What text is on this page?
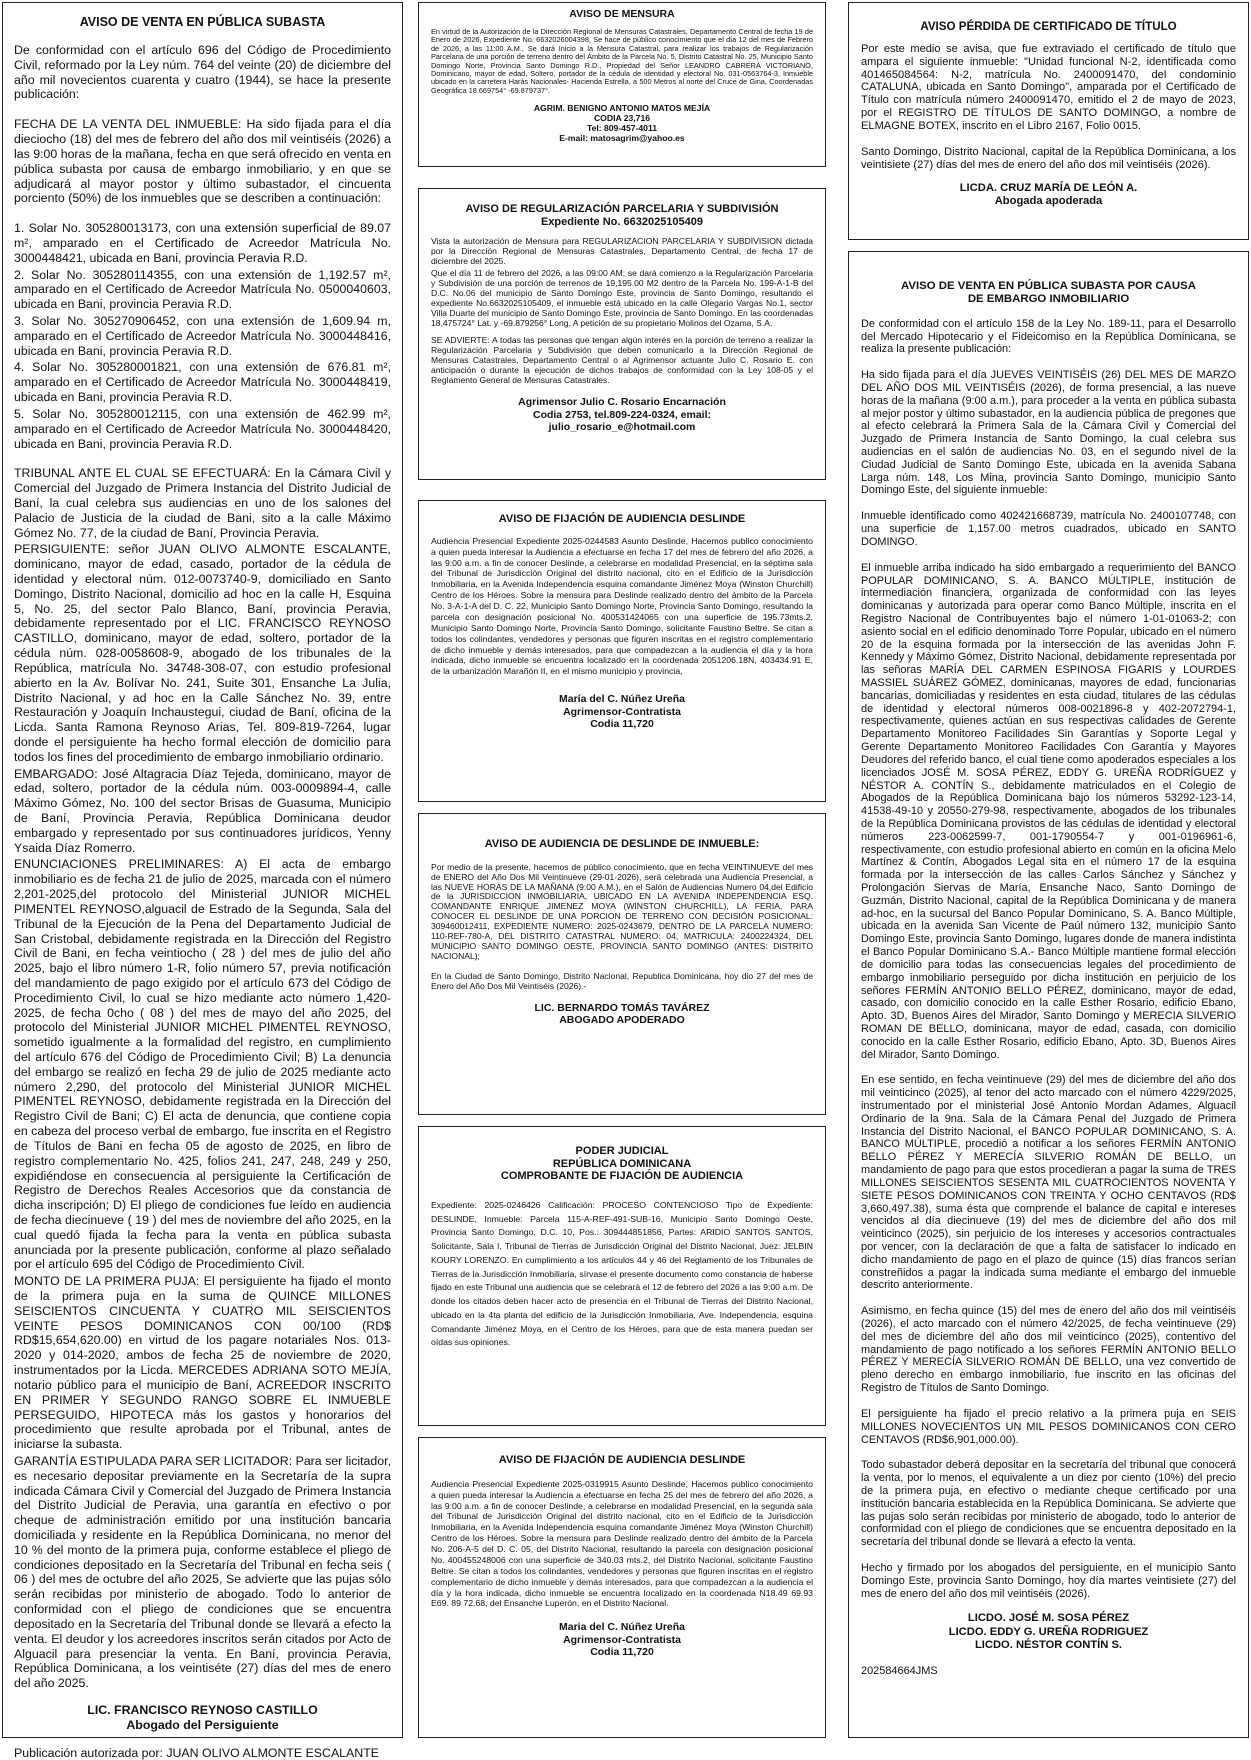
AVISO DE VENTA EN PÚBLICA SUBASTA

De conformidad con el artículo 696 del Código de Procedimiento Civil, reformado por la Ley núm. 764 del veinte (20) de diciembre del año mil novecientos cuarenta y cuatro (1944), se hace la presente publicación:

FECHA DE LA VENTA DEL INMUEBLE: Ha sido fijada para el día dieciocho (18) del mes de febrero del año dos mil veintiséis (2026) a las 9:00 horas de la mañana, fecha en que será ofrecido en venta en pública subasta por causa de embargo inmobiliario, y en que se adjudicará al mayor postor y último subastador, el cincuenta porciento (50%) de los inmuebles que se describen a continuación:

1. Solar No. 305280013173, con una extensión superficial de 89.07 m², amparado en el Certificado de Acreedor Matrícula No. 3000448421, ubicada en Bani, provincia Peravia R.D.

2. Solar No. 305280114355, con una extensión de 1,192.57 m², amparado en el Certificado de Acreedor Matrícula No. 0500040603, ubicada en Bani, provincia Peravia R.D.

3. Solar No. 305270906452, con una extensión de 1,609.94 m, amparado en el Certificado de Acreedor Matrícula No. 3000448416, ubicada en Bani, provincia Peravia R.D.

4. Solar No. 305280001821, con una extensión de 676.81 m², amparado en el Certificado de Acreedor Matrícula No. 3000448419, ubicada en Bani, provincia Peravia R.D.

5. Solar No. 305280012115, con una extensión de 462.99 m², amparado en el Certificado de Acreedor Matrícula No. 3000448420, ubicada en Bani, provincia Peravia R.D.

TRIBUNAL ANTE EL CUAL SE EFECTUARÁ: En la Cámara Civil y Comercial del Juzgado de Primera Instancia del Distrito Judicial de Baní, la cual celebra sus audiencias en uno de los salones del Palacio de Justicia de la ciudad de Bani, sito a la calle Máximo Gómez No. 77, de la ciudad de Baní, Provincia Peravia.

PERSIGUIENTE: señor JUAN OLIVO ALMONTE ESCALANTE, dominicano, mayor de edad, casado, portador de la cédula de identidad y electoral núm. 012-0073740-9, domiciliado en Santo Domingo, Distrito Nacional, domicilio ad hoc en la calle H, Esquina 5, No. 25, del sector Palo Blanco, Baní, provincia Peravia, debidamente representado por el LIC. FRANCISCO REYNOSO CASTILLO, dominicano, mayor de edad, soltero, portador de la cédula núm. 028-0058608-9, abogado de los tribunales de la República, matrícula No. 34748-308-07, con estudio profesional abierto en la Av. Bolívar No. 241, Suite 301, Ensanche La Julia, Distrito Nacional, y ad hoc en la Calle Sánchez No. 39, entre Restauración y Joaquín Inchaustegui, ciudad de Baní, oficina de la Licda. Santa Ramona Reynoso Arias, Tel. 809-819-7264, lugar donde el persiguiente ha hecho formal elección de domicilio para todos los fines del procedimiento de embargo inmobiliario ordinario.

EMBARGADO: José Altagracia Díaz Tejeda, dominicano, mayor de edad, soltero, portador de la cédula núm. 003-0009894-4, calle Máximo Gómez, No. 100 del sector Brisas de Guasuma, Municipio de Baní, Provincia Peravia, República Dominicana deudor embargado y representado por sus continuadores jurídicos, Yenny Ysaida Díaz Romerro.

ENUNCIACIONES PRELIMINARES: A) El acta de embargo inmobiliario es de fecha 21 de julio de 2025, marcada con el número 2,201-2025,del protocolo del Ministerial JUNIOR MICHEL PIMENTEL REYNOSO,alguacil de Estrado de la Segunda, Sala del Tribunal de la Ejecución de la Pena del Departamento Judicial de San Cristobal, debidamente registrada en la Dirección del Registro Civil de Bani, en fecha veintiocho ( 28 ) del mes de julio del año 2025, bajo el libro número 1-R, folio número 57, previa notificación del mandamiento de pago exigido por el artículo 673 del Código de Procedimiento Civil, lo cual se hizo mediante acto número 1,420-2025, de fecha 0cho ( 08 ) del mes de mayo del año 2025, del protocolo del Ministerial JUNIOR MICHEL PIMENTEL REYNOSO, sometido igualmente a la formalidad del registro, en cumplimiento del artículo 676 del Código de Procedimiento Civil; B) La denuncia del embargo se realizó en fecha 29 de julio de 2025 mediante acto número 2,290, del protocolo del Ministerial JUNIOR MICHEL PIMENTEL REYNOSO, debidamente registrada en la Dirección del Registro Civil de Bani; C) El acta de denuncia, que contiene copia en cabeza del proceso verbal de embargo, fue inscrita en el Registro de Títulos de Bani en fecha 05 de agosto de 2025, en libro de registro complementario No. 425, folios 241, 247, 248, 249 y 250, expidiéndose en consecuencia al persiguiente la Certificación de Registro de Derechos Reales Accesorios que da constancia de dicha inscripción; D) El pliego de condiciones fue leído en audiencia de fecha diecinueve ( 19 ) del mes de noviembre del año 2025, en la cual quedó fijada la fecha para la venta en pública subasta anunciada por la presente publicación, conforme al plazo señalado por el artículo 695 del Código de Procedimiento Civil.

MONTO DE LA PRIMERA PUJA: El persiguiente ha fijado el monto de la primera puja en la suma de QUINCE MILLONES SEISCIENTOS CINCUENTA Y CUATRO MIL SEISCIENTOS VEINTE PESOS DOMINICANOS CON 00/100 (RD$ RD$15,654,620.00) en virtud de los pagare notariales Nos. 013-2020 y 014-2020, ambos de fecha 25 de noviembre de 2020, instrumentados por la Licda. MERCEDES ADRIANA SOTO MEJÍA, notario público para el municipio de Baní, ACREEDOR INSCRITO EN PRIMER Y SEGUNDO RANGO SOBRE EL INMUEBLE PERSEGUIDO, HIPOTECA más los gastos y honorarios del procedimiento que resulte aprobada por el Tribunal, antes de iniciarse la subasta.

GARANTÍA ESTIPULADA PARA SER LICITADOR: Para ser licitador, es necesario depositar previamente en la Secretaría de la supra indicada Cámara Civil y Comercial del Juzgado de Primera Instancia del Distrito Judicial de Peravia, una garantía en efectivo o por cheque de administración emitido por una institución bancaria domiciliada y residente en la República Dominicana, no menor del 10 % del monto de la primera puja, conforme establece el pliego de condiciones depositado en la Secretaría del Tribunal en fecha seis ( 06 ) del mes de octubre del año 2025, Se advierte que las pujas sólo serán recibidas por ministerio de abogado. Todo lo anterior de conformidad con el pliego de condiciones que se encuentra depositado en la Secretaría del Tribunal donde se llevará a efecto la venta. El deudor y los acreedores inscritos serán citados por Acto de Alguacil para presenciar la venta. En Baní, provincia Peravia, República Dominicana, a los veintiséte (27) días del mes de enero del año 2025.

LIC. FRANCISCO REYNOSO CASTILLO
Abogado del Persiguiente
Publicación autorizada por: JUAN OLIVO ALMONTE ESCALANTE
AVISO DE MENSURA

En virtud de la Autorización de la Dirección Regional de Mensuras Catastrales, Departamento Central de fecha 19 de Enero de 2026, Expediente No. 6632026004398, Se hace de público conocimiento que el día 12 del mes de Febrero de 2026, a las 11:00 A.M., Se dará Inicio a la Mensura Catastral, para realizar los trabajos de Regularización Parcelaria de una porción de terreno dentro del Ámbito de la Parcela No. 5, Distrito Catastral No. 25, Municipio Santo Domingo Norte, Provincia Santo Domingo R.D., Propiedad del Señor LEANDRO CABRERA VICTORIANO, Dominicano, mayor de edad, Soltero, portador de la cédula de identidad y electoral No. 031-0563764-3, Inmueble ubicado en la carretera Harás Nacionales- Hacienda Estrella, a 500 Metros al norte del Cruce de Gina, Coordenadas Geográfica 18.669754° -69.879737°.

AGRIM. BENIGNO ANTONIO MATOS MEJÍA
CODIA 23,716
Tel: 809-457-4011
E-mail: matosagrim@yahoo.es
AVISO DE REGULARIZACIÓN PARCELARIA Y SUBDIVISIÓN
Expediente No. 6632025105409

Vista la autorización de Mensura para REGULARIZACION PARCELARIA Y SUBDIVISION dictada por la Dirección Regional de Mensuras Catastrales, Departamento Central, de fecha 17 de diciembre del 2025.

Que el día 11 de febrero del 2026, a las 09:00 AM; se dará comienzo a la Regularización Parcelaria y Subdivisión de una porción de terrenos de 19,195.00 M2 dentro de la Parcela No. 199-A-1-B del D.C. No.06 del municipio de Santo Domingo Este, provincia de Santo Domingo, resultando el expediente No.6632025105409, el inmueble está ubicado en la calle Olegario Vargas No.1, sector Villa Duarte del municipio de Santo Domingo Este, provincia de Santo Domingo. En las coordenadas 18.475724° Lat. y -69.879256° Long. A petición de su propietario Molinos del Ozama, S.A.

SE ADVIERTE: A todas las personas que tengan algún interés en la porción de terreno a realizar la Regularización Parcelaria y Subdivisión que deben comunicarlo a la Dirección Regional de Mensuras Catastrales, Departamento Central o al Agrimensor actuante Julio C. Rosario E. con anticipación o durante la ejecución de dichos trabajos de conformidad con la Ley 108-05 y el Reglamento General de Mensuras Catastrales.

Agrimensor Julio C. Rosario Encarnación
Codia 2753, tel.809-224-0324, email:
julio_rosario_e@hotmail.com
AVISO DE FIJACIÓN DE AUDIENCIA DESLINDE

Audiencia Presencial Expediente 2025-0244583 Asunto Deslinde, Hacemos publico conocimiento a quien pueda interesar la Audiencia a efectuarse en fecha 17 del mes de febrero del año 2026, a las 9:00 a.m. a fin de conocer Deslinde, a celebrarse en modalidad Presencial, en la séptima sala del Tribunal de Jurisdicción Original del distrito nacional, cito en el Edificio de la Jurisdicción Inmobiliaria, en la Avenida Independencia esquina comandante Jiménez Moya (Winston Churchill) Centro de los Héroes. Sobre la mensura para Deslinde realizado dentro del ámbito de la Parcela No. 3-A-1-A del D. C. 22, Municipio Santo Domingo Norte, Provincia Santo Domingo, resultando la parcela con designación posicional No. 400531424065 con una superficie de 195.73mts.2, Municipio Santo Domingo Norte, Provincia Santo Domingo, solicitante Faustino Beltre. Se citan a todos los colindantes, vendedores y personas que figuren inscritas en el registro complementario de dicho inmueble y demás interesados, para que compadezcan a la audiencia el día y la hora indicada, dicho inmueble se encuentra localizado en la coordenada 2051206.18N, 403434.91 E, de la urbanización Marañón II, en el mismo municipio y provincia,

María del C. Núñez Ureña
Agrimensor-Contratista
Codia 11,720
AVISO DE AUDIENCIA DE DESLINDE DE INMUEBLE:

Por medio de la presente, hacemos de público conocimiento, que en fecha VEINTINUEVE del mes de ENERO del Año Dos Mil Veintinueve (29-01-2026), será celebrada una Audiencia Presencial, a las NUEVE HORAS DE LA MAÑANA (9:00 A.M.), en el Salón de Audiencias Numero 04,del Edificio de la JURISDICCION INMOBILIARIA, UBICADO EN LA AVENIDA INDEPENDENCIA ESQ. COMANDANTE ENRIQUE JIMENEZ MOYA (WINSTON CHURCHILL), LA FERIA, PARA CONOCER EL DESLINDE DE UNA PORCION DE TERRENO CON DECISIÓN POSICIONAL: 309460012411, EXPEDIENTE NUMERO: 2025-0243679, DENTRO DE LA PARCELA NUMERO: 110-REF-780-A, DEL DISTRITO CATASTRAL NUMERO: 04, MATRICULA: 2400224324, DEL MUNICIPIO SANTO DOMINGO OESTE, PROVINCIA SANTO DOMINGO (ANTES: DISTRITO NACIONAL);

En la Ciudad de Santo Domingo, Distrito Nacional, Republica Dominicana, hoy dio 27 del mes de Enero del Año Dos Mil Veintiséis (2026).-

LIC. BERNARDO TOMÁS TAVÁREZ
ABOGADO APODERADO
PODER JUDICIAL
REPÚBLICA DOMINICANA
COMPROBANTE DE FIJACIÓN DE AUDIENCIA

Expediente: 2025-0246426 Calificación: PROCESO CONTENCIOSO Tipo de Expediente: DESLINDE, Inmueble: Parcela 115-A-REF-491-SUB-16, Municipio Santo Domingo Oeste, Provincia Santo Domingo, D.C. 10, Pos.: 309444851856, Partes: ARIDIO SANTOS SANTOS, Solicitante, Sala I, Tribunal de Tierras de Jurisdicción Original del Distrito Nacional, Juez: JELBIN KOURY LORENZO. En cumplimiento a los artículos 44 y 46 del Reglamento de los Tribunales de Tierras de la Jurisdicción Inmobiliaria, sírvase el presente documento como constancia de haberse fijado en este Tribunal una audiencia que se celebrará el 12 de febrero del 2026 a las 9:00 a.m. De donde los citados deben hacer acto de presencia en el Tribunal de Tierras del Distrito Nacional, ubicado en la 4ta planta del edificio de la Jurisdicción Inmobiliaria, Ave. Independencia, esquina Comandante Jiménez Moya, en el Centro de los Héroes, para que de esta manera puedan ser oídas sus opiniones.

AVISO DE FIJACIÓN DE AUDIENCIA DESLINDE

Audiencia Presencial Expediente 2025-0319915 Asunto Deslinde, Hacemos publico conocimiento a quien pueda interesar la Audiencia a efectuarse en fecha 25 del mes de febrero del año 2026, a las 9:00 a.m. a fin de conocer Deslinde, a celebrarse en modalidad Presencial, en la segunda sala del Tribunal de Jurisdicción Original del distrito nacional, cito en el Edificio de la Jurisdicción Inmobiliaria, en la Avenida Independencia esquina comandante Jiménez Moya (Winston Churchill) Centro de los Héroes. Sobre la mensura para Deslinde realizado dentro del ámbito de la Parcela No. 206-A-5 del D. C. 05, del Distrito Nacional, resultando la parcela con designación posicional No. 400455248006 con una superficie de 340.03 mts.2, del Distrito Nacional, solicitante Faustino Beltre. Se citan a todos los colindantes, vendedores y personas que figuren inscritas en el registro complementario de dicho inmueble y demás interesados, para que compadezcan a la audiencia el día y la hora indicada, dicho inmueble se encuentra localizado en la coordenada N18.49 69.93 E69. 89 72.68, del Ensanche Luperón, en el Distrito Nacional.

Maria del C. Núñez Ureña
Agrimensor-Contratista
Codia 11,720
AVISO PÉRDIDA DE CERTIFICADO DE TÍTULO

Por este medio se avisa, que fue extraviado el certificado de título que ampara el siguiente inmueble: "Unidad funcional N-2, identificada como 401465084564: N-2, matrícula No. 2400091470, del condominio CATALUNA, ubicada en Santo Domingo", amparada por el Certificado de Título con matrícula número 2400091470, emitido el 2 de mayo de 2023, por el REGISTRO DE TÍTULOS DE SANTO DOMINGO, a nombre de ELMAGNE BOTEX, inscrito en el Libro 2167, Folio 0015.

Santo Domingo, Distrito Nacional, capital de la República Dominicana, a los veintisiete (27) días del mes de enero del año dos mil veintiséis (2026).

LICDA. CRUZ MARÍA DE LEÓN A.
Abogada apoderada
AVISO DE VENTA EN PÚBLICA SUBASTA POR CAUSA
DE EMBARGO INMOBILIARIO

De conformidad con el artículo 158 de la Ley No. 189-11, para el Desarrollo del Mercado Hipotecario y el Fideicomiso en la República Dominicana, se realiza la presente publicación:

Ha sido fijada para el día JUEVES VEINTISÉIS (26) DEL MES DE MARZO DEL AÑO DOS MIL VEINTISÉIS (2026), de forma presencial, a las nueve horas de la mañana (9:00 a.m.), para proceder a la venta en pública subasta al mejor postor y último subastador, en la audiencia pública de pregones que al efecto celebrará la Primera Sala de la Cámara Civil y Comercial del Juzgado de Primera Instancia de Santo Domingo, la cual celebra sus audiencias en el salón de audiencias No. 03, en el segundo nivel de la Ciudad Judicial de Santo Domingo Este, ubicada en la avenida Sabana Larga núm. 148, Los Mina, provincia Santo Domingo, municipio Santo Domingo Este, del siguiente inmueble:

Inmueble identificado como 402421668739, matrícula No. 2400107748, con una superficie de 1,157.00 metros cuadrados, ubicado en SANTO DOMINGO.

El inmueble arriba indicado ha sido embargado a requerimiento del BANCO POPULAR DOMINICANO, S. A. BANCO MÚLTIPLE, institución de intermediación financiera, organizada de conformidad con las leyes dominicanas y autorizada para operar como Banco Múltiple, inscrita en el Registro Nacional de Contribuyentes bajo el número 1-01-01063-2; con asiento social en el edificio denominado Torre Popular, ubicado en el número 20 de la esquina formada por la intersección de las avenidas John F. Kennedy y Máximo Gómez, Distrito Nacional, debidamente representada por las señoras MARÍA DEL CARMEN ESPINOSA FIGARIS y LOURDES MASSIEL SUÁREZ GÓMEZ, dominicanas, mayores de edad, funcionarias bancarias, domiciliadas y residentes en esta ciudad, titulares de las cédulas de identidad y electoral números 008-0021896-8 y 402-2072794-1, respectivamente, quienes actúan en sus respectivas calidades de Gerente Departamento Monitoreo Facilidades Sin Garantías y Soporte Legal y Gerente Departamento Monitoreo Facilidades Con Garantía y Mayores Deudores del referido banco, el cual tiene como apoderados especiales a los licenciados JOSÉ M. SOSA PÉREZ, EDDY G. UREÑA RODRÍGUEZ y NÉSTOR A. CONTÍN S., debidamente matriculados en el Colegio de Abogados de la República Dominicana bajo los números 53292-123-14, 41538-49-10 y 20550-279-98, respectivamente, abogados de los tribunales de la República Dominicana provistos de las cédulas de identidad y electoral números 223-0062599-7, 001-1790554-7 y 001-0196961-6, respectivamente, con estudio profesional abierto en común en la oficina Melo Martínez & Contín, Abogados Legal sita en el número 17 de la esquina formada por la intersección de las calles Carlos Sánchez y Sánchez y Prolongación Siervas de María, Ensanche Naco, Santo Domingo de Guzmán, Distrito Nacional, capital de la República Dominicana y de manera ad-hoc, en la sucursal del Banco Popular Dominicano, S. A. Banco Múltiple, ubicada en la avenida San Vicente de Paúl número 132, municipio Santo Domingo Este, provincia Santo Domingo, lugares donde de manera indistinta el Banco Popular Dominicano S.A.- Banco Múltiple mantiene formal elección de domicilio para todas las consecuencias legales del procedimiento de embargo inmobiliario perseguido por dicha institución en perjuicio de los señores FERMÍN ANTONIO BELLO PÉREZ, dominicano, mayor de edad, casado, con domicilio conocido en la calle Esther Rosario, edificio Ebano, Apto. 3D, Buenos Aires del Mirador, Santo Domingo y MERECIA SILVERIO ROMAN DE BELLO, dominicana, mayor de edad, casada, con domicilio conocido en la calle Esther Rosario, edificio Ebano, Apto. 3D, Buenos Aires del Mirador, Santo Domingo.

En ese sentido, en fecha veintinueve (29) del mes de diciembre del año dos mil veinticinco (2025), al tenor del acto marcado con el número 4229/2025, instrumentado por el ministerial José Antonio Mordan Adames, Alguacil Ordinario de la 9na. Sala de la Cámara Penal del Juzgado de Primera Instancia del Distrito Nacional, el BANCO POPULAR DOMINICANO, S. A. BANCO MÚLTIPLE, procedió a notificar a los señores FERMÍN ANTONIO BELLO PÉREZ Y MERECÍA SILVERIO ROMÁN DE BELLO, un mandamiento de pago para que estos procedieran a pagar la suma de TRES MILLONES SEISCIENTOS SESENTA MIL CUATROCIENTOS NOVENTA Y SIETE PESOS DOMINICANOS CON TREINTA Y OCHO CENTAVOS (RD$ 3,660,497.38), suma ésta que comprende el balance de capital e intereses vencidos al día diecinueve (19) del mes de diciembre del año dos mil veinticinco (2025), sin perjuicio de los intereses y accesorios contractuales por vencer, con la declaración de que a falta de satisfacer lo indicado en dicho mandamiento de pago en el plazo de quince (15) días francos serían constreñidos a pagar la indicada suma mediante el embargo del inmueble descrito anteriormente.

Asimismo, en fecha quince (15) del mes de enero del año dos mil veintiséis (2026), el acto marcado con el número 42/2025, de fecha veintinueve (29) del mes de diciembre del año dos mil veinticinco (2025), contentivo del mandamiento de pago notificado a los señores FERMÍN ANTONIO BELLO PÉREZ Y MERECÍA SILVERIO ROMÁN DE BELLO, una vez convertido de pleno derecho en embargo inmobiliario, fue inscrito en las oficinas del Registro de Títulos de Santo Domingo.

El persiguiente ha fijado el precio relativo a la primera puja en SEIS MILLONES NOVECIENTOS UN MIL PESOS DOMINICANOS CON CERO CENTAVOS (RD$6,901,000.00).

Todo subastador deberá depositar en la secretaría del tribunal que conocerá la venta, por lo menos, el equivalente a un diez por ciento (10%) del precio de la primera puja, en efectivo o mediante cheque certificado por una institución bancaria establecida en la República Dominicana. Se advierte que las pujas solo serán recibidas por ministerio de abogado, todo lo anterior de conformidad con el pliego de condiciones que se encuentra depositado en la secretaría del tribunal donde se llevará a efecto la venta.

Hecho y firmado por los abogados del persiguiente, en el municipio Santo Domingo Este, provincia Santo Domingo, hoy día martes veintisiete (27) del mes de enero del año dos mil veintiséis (2026).

LICDO. JOSÉ M. SOSA PÉREZ
LICDO. EDDY G. UREÑA RODRIGUEZ
LICDO. NÉSTOR CONTÍN S.
202584664JMS
